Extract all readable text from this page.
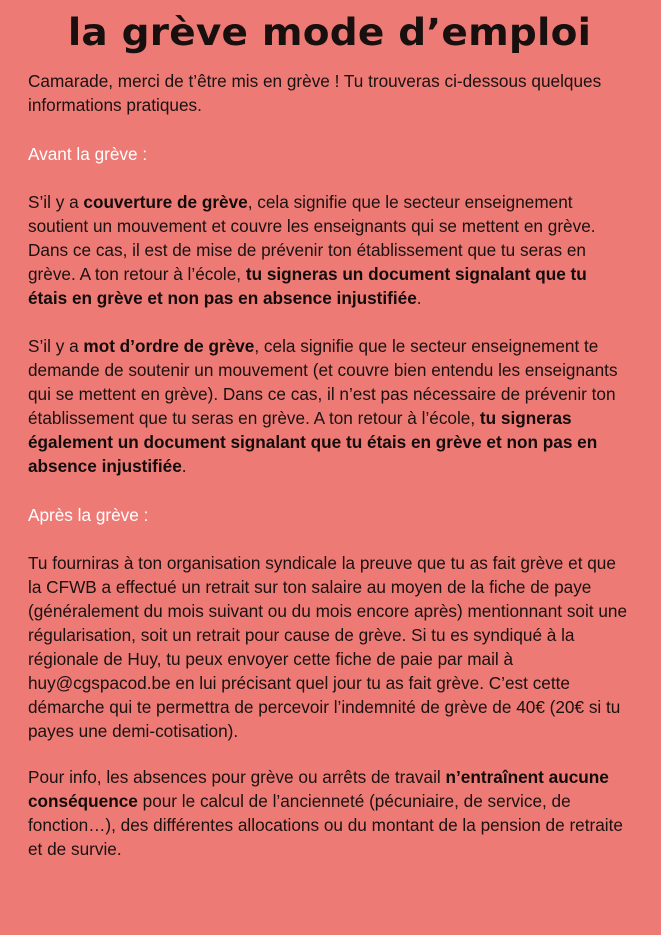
la grève mode d’emploi

Camarade, merci de t’être mis en grève ! Tu trouveras ci-dessous quelques informations pratiques.

Avant la grève :

S’il y a couverture de grève, cela signifie que le secteur enseignement soutient un mouvement et couvre les enseignants qui se mettent en grève. Dans ce cas, il est de mise de prévenir ton établissement que tu seras en grève. A ton retour à l’école, tu signeras un document signalant que tu étais en grève et non pas en absence injustifiée.

S’il y a mot d’ordre de grève, cela signifie que le secteur enseignement te demande de soutenir un mouvement (et couvre bien entendu les enseignants qui se mettent en grève). Dans ce cas, il n’est pas nécessaire de prévenir ton établissement que tu seras en grève. A ton retour à l’école, tu signeras également un document signalant que tu étais en grève et non pas en absence injustifiée.

Après la grève :

Tu fourniras à ton organisation syndicale la preuve que tu as fait grève et que la CFWB a effectué un retrait sur ton salaire au moyen de la fiche de paye (généralement du mois suivant ou du mois encore après) mentionnant soit une régularisation, soit un retrait pour cause de grève. Si tu es syndiqué à la régionale de Huy, tu peux envoyer cette fiche de paie par mail à huy@cgspacod.be en lui précisant quel jour tu as fait grève. C’est cette démarche qui te permettra de percevoir l’indemnité de grève de 40€ (20€ si tu payes une demi-cotisation).

Pour info, les absences pour grève ou arrêts de travail n’entraînent aucune conséquence pour le calcul de l’ancienneté (pécuniaire, de service, de fonction…), des différentes allocations ou du montant de la pension de retraite et de survie.
